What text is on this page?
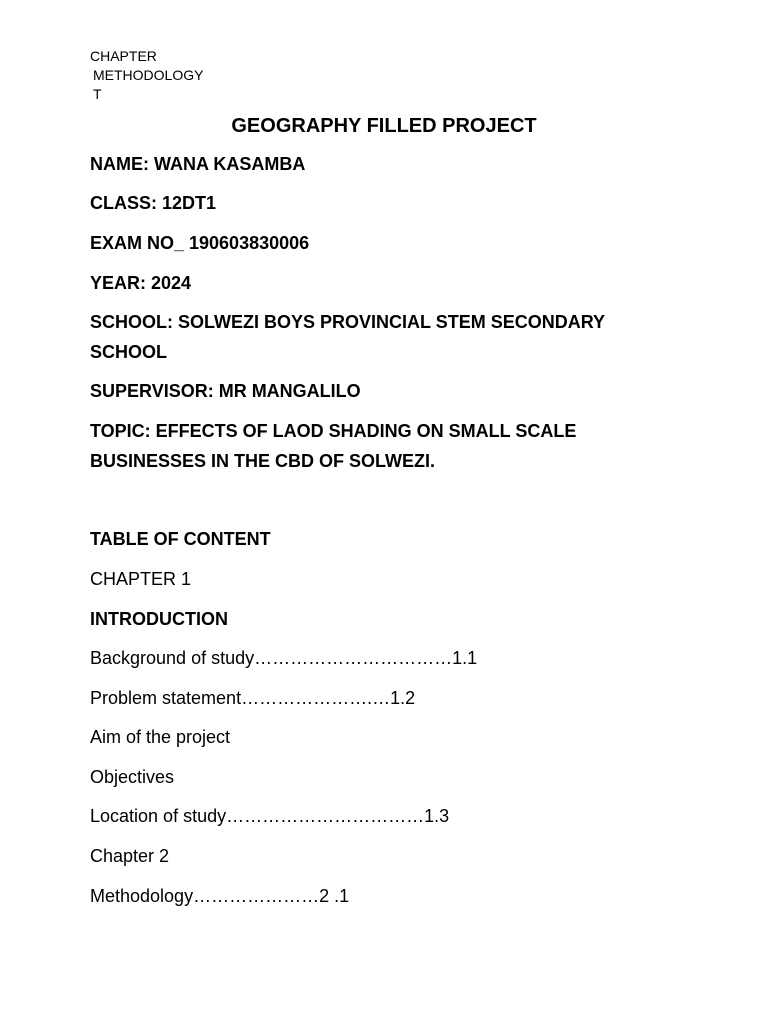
CHAPTER
METHODOLOGY
T
GEOGRAPHY FILLED PROJECT
NAME: WANA KASAMBA
CLASS: 12DT1
EXAM NO_ 190603830006
YEAR: 2024
SCHOOL: SOLWEZI BOYS PROVINCIAL STEM SECONDARY SCHOOL
SUPERVISOR: MR MANGALILO
TOPIC: EFFECTS OF LAOD SHADING ON SMALL SCALE BUSINESSES IN THE CBD OF SOLWEZI.
TABLE OF CONTENT
CHAPTER 1
INTRODUCTION
Background of study……………………………1.1
Problem statement………………….…1.2
Aim of the project
Objectives
Location of study……………………………1.3
Chapter 2
Methodology…………………2 .1
